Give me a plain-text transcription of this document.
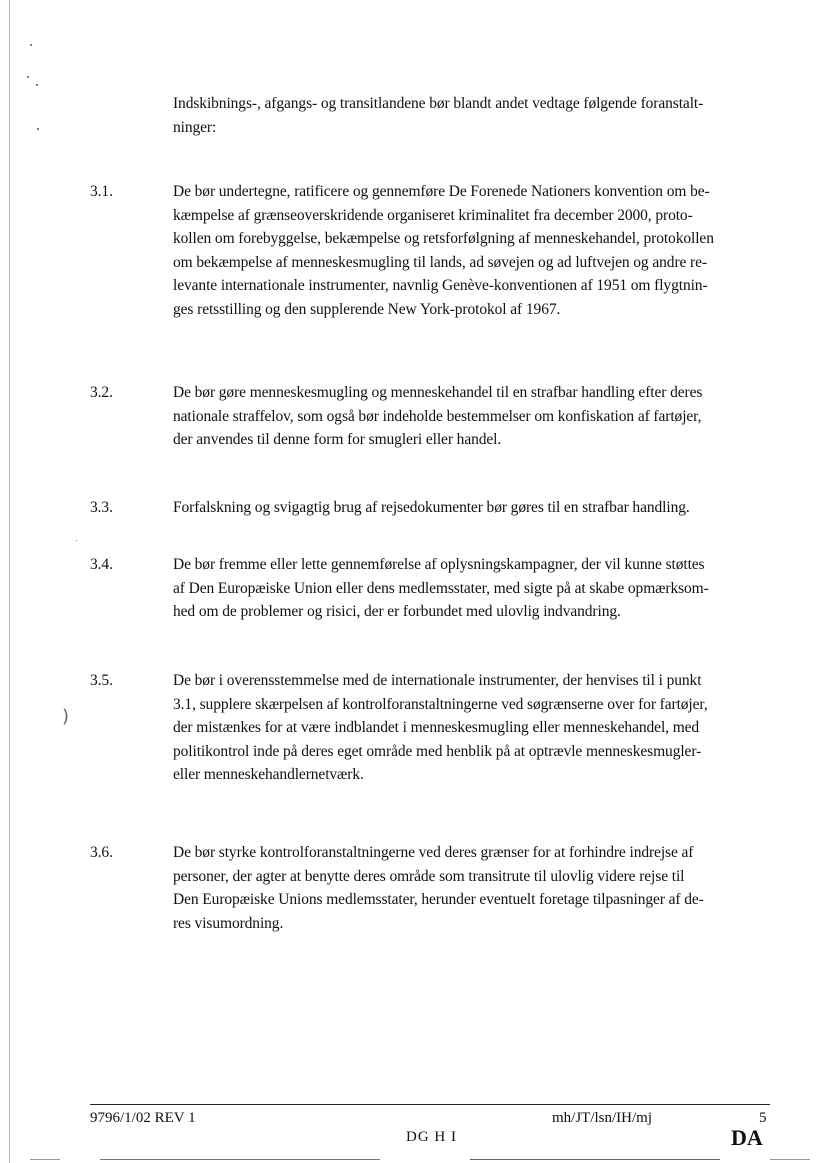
)
Indskibnings-, afgangs- og transitlandene bør blandt andet vedtage følgende foranstalt-
ninger:
3.1.	De bør undertegne, ratificere og gennemføre De Forenede Nationers konvention om be-
kæmpelse af grænseoverskridende organiseret kriminalitet fra december 2000, proto-
kollen om forebyggelse, bekæmpelse og retsforfølgning af menneskehandel, protokollen
om bekæmpelse af menneskesmugling til lands, ad søvejen og ad luftvejen og andre re-
levante internationale instrumenter, navnlig Genève-konventionen af 1951 om flygtnin-
ges retsstilling og den supplerende New York-protokol af 1967.
3.2.	De bør gøre menneskesmugling og menneskehandel til en strafbar handling efter deres
nationale straffelov, som også bør indeholde bestemmelser om konfiskation af fartøjer,
der anvendes til denne form for smugleri eller handel.
3.3.	Forfalskning og svigagtig brug af rejsedokumenter bør gøres til en strafbar handling.
3.4.	De bør fremme eller lette gennemførelse af oplysningskampagner, der vil kunne støttes
af Den Europæiske Union eller dens medlemsstater, med sigte på at skabe opmærksom-
hed om de problemer og risici, der er forbundet med ulovlig indvandring.
3.5.	De bør i overensstemmelse med de internationale instrumenter, der henvises til i punkt
3.1, supplere skærpelsen af kontrolforanstaltningerne ved søgrænserne over for fartøjer,
der mistænkes for at være indblandet i menneskesmugling eller menneskehandel, med
politikontrol inde på deres eget område med henblik på at optrævle menneskesmugler-
eller menneskehandlernetværk.
3.6.	De bør styrke kontrolforanstaltningerne ved deres grænser for at forhindre indrejse af
personer, der agter at benytte deres område som transitrute til ulovlig videre rejse til
Den Europæiske Unions medlemsstater, herunder eventuelt foretage tilpasninger af de-
res visumordning.
9796/1/02 REV 1
DG H I
mh/JT/lsn/IH/mj	5
DA
